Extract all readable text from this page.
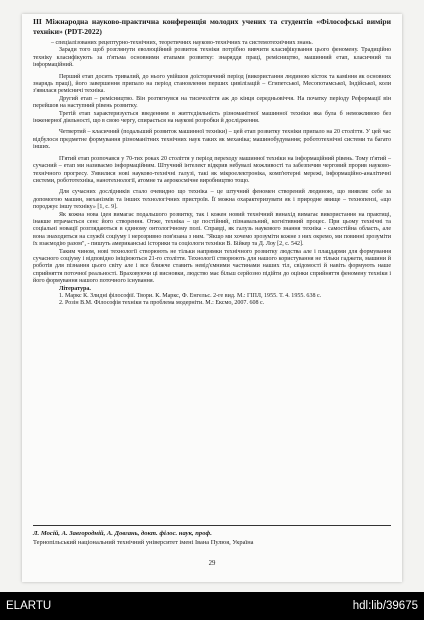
ІІІ Міжнародна науково-практична конференція молодих учених та студентів «Філософські виміри техніки» (PDT-2022)

– спеціалізованих рецептурно-технічних, теоретичних науково-технічних та системотехнічних знань.

Заради того щоб розглянути еволюційний розвиток техніки потрібно вивчити класифікування цього феномену. Традиційно техніку класифікують за п'ятьма основними етапами розвитку: знаряддя праці, ремісництво, машинний етап, класичний та інформаційний.

Перший етап досить тривалий, до нього увійшов доісторичний період (використання людиною кісток та каміння як основних знарядь праці), його завершення припало на період становлення перших цивілізацій – Єгипетської, Месопотамської, Індійської, коли з'явилася ремісничі техніка.

Другий етап – ремісництво. Він розтягнувся на тисячоліття аж до кінця середньовіччя. На початку періоду Реформації він перейшов на наступний рівень розвитку.

Третій етап характеризується введенням в життєдіяльність різноманітної машинної техніки яка була б неможливою без інженерної діяльності, що в свою чергу, спирається на наукові розробки й дослідження.

Четвертий – класичний (подальший розвиток машинної техніки) – цей етап розвитку техніки припало на 20 століття. У цей час відбулося предметне формування різноманітних технічних наук таких як механіка; машинобудування; робототехнічні системи та багато інших.

П'ятий етап розпочався у 70-тих роках 20 століття у період переходу машинної техніки на інформаційний рівень. Тому п'ятий – сучасний – етап ми називаємо інформаційним. Штучний інтелект відкрив небувалі можливості та забезпечив черговий прорив науково-технічного прогресу. З'явилися нові науково-технічні галузі, такі як мікроелектроніка, комп'ютерні мережі, інформаційно-аналітичні системи, робототехніка, нанотехнології, атомне та аерокосмічне виробництво тощо.

Для сучасних дослідників стало очевидно що техніка – це штучний феномен створений людиною, що виявляє себе за допомогою машин, механізмів та інших технологічних пристроїв. Її можна охарактеризувати як і природне явище – технопензі, «що породжує іншу техніку» [1, с. 9].

Як кожна нова ідея вимагає подальшого розвитку, так і кожен новий технічний винахід вимагає використання на практиці, інакше втрачається сенс його створення. Отже, техніка – це постійний, пізнавальний, когнітивний процес. При цьому технічні та соціальні новації розглядаються в єдиному онтологічному полі. Справді, як галузь наукового знання техніка - самостійна область, але вона знаходиться на службі соціуму і нерозривно пов'язана з ним. "Якщо ми хочемо зрозуміти кожне з них окремо, ми повинні зрозуміти їх взаємодію разом", - пишуть американські історики та соціологи техніки В. Бійкер та Д. Лоу [2, с. 542].

Таким чином, нові технології створюють не тільки напрямки технічного розвитку людства але і плацдарми для формування сучасного соціуму і відповідно ініціюються 21-го століття. Технології створюють для нашого користування не тільки гаджети, машини й роботів для пізнання цього світу але і все ближче ставить невід'ємними частинами наших тіл, свідомості й навіть формують наше сприйняття поточної реальності. Враховуючи ці висновки, людство має більш серйозно підійти до оцінки сприйняття феномену техніки і його формування нашого поточного існування.

Література.

1. Маркс К. Злидні філософії. Твори. К. Маркс, Ф. Енгельс. 2-ге вид. М.: ГІПЛ, 1955. Т. 4. 1955. 638 с.

2. Розін В.М. Філософія техніки та проблема модерніти. М.: Ексмо, 2007. 608 с.

Л. Мосій, А. Завгородній, А. Довгань, докт. філос. наук, проф.
Тернопільський національний технічний університет імені Івана Пулюя, Україна
29
ELARTU	hdl:lib/39675
